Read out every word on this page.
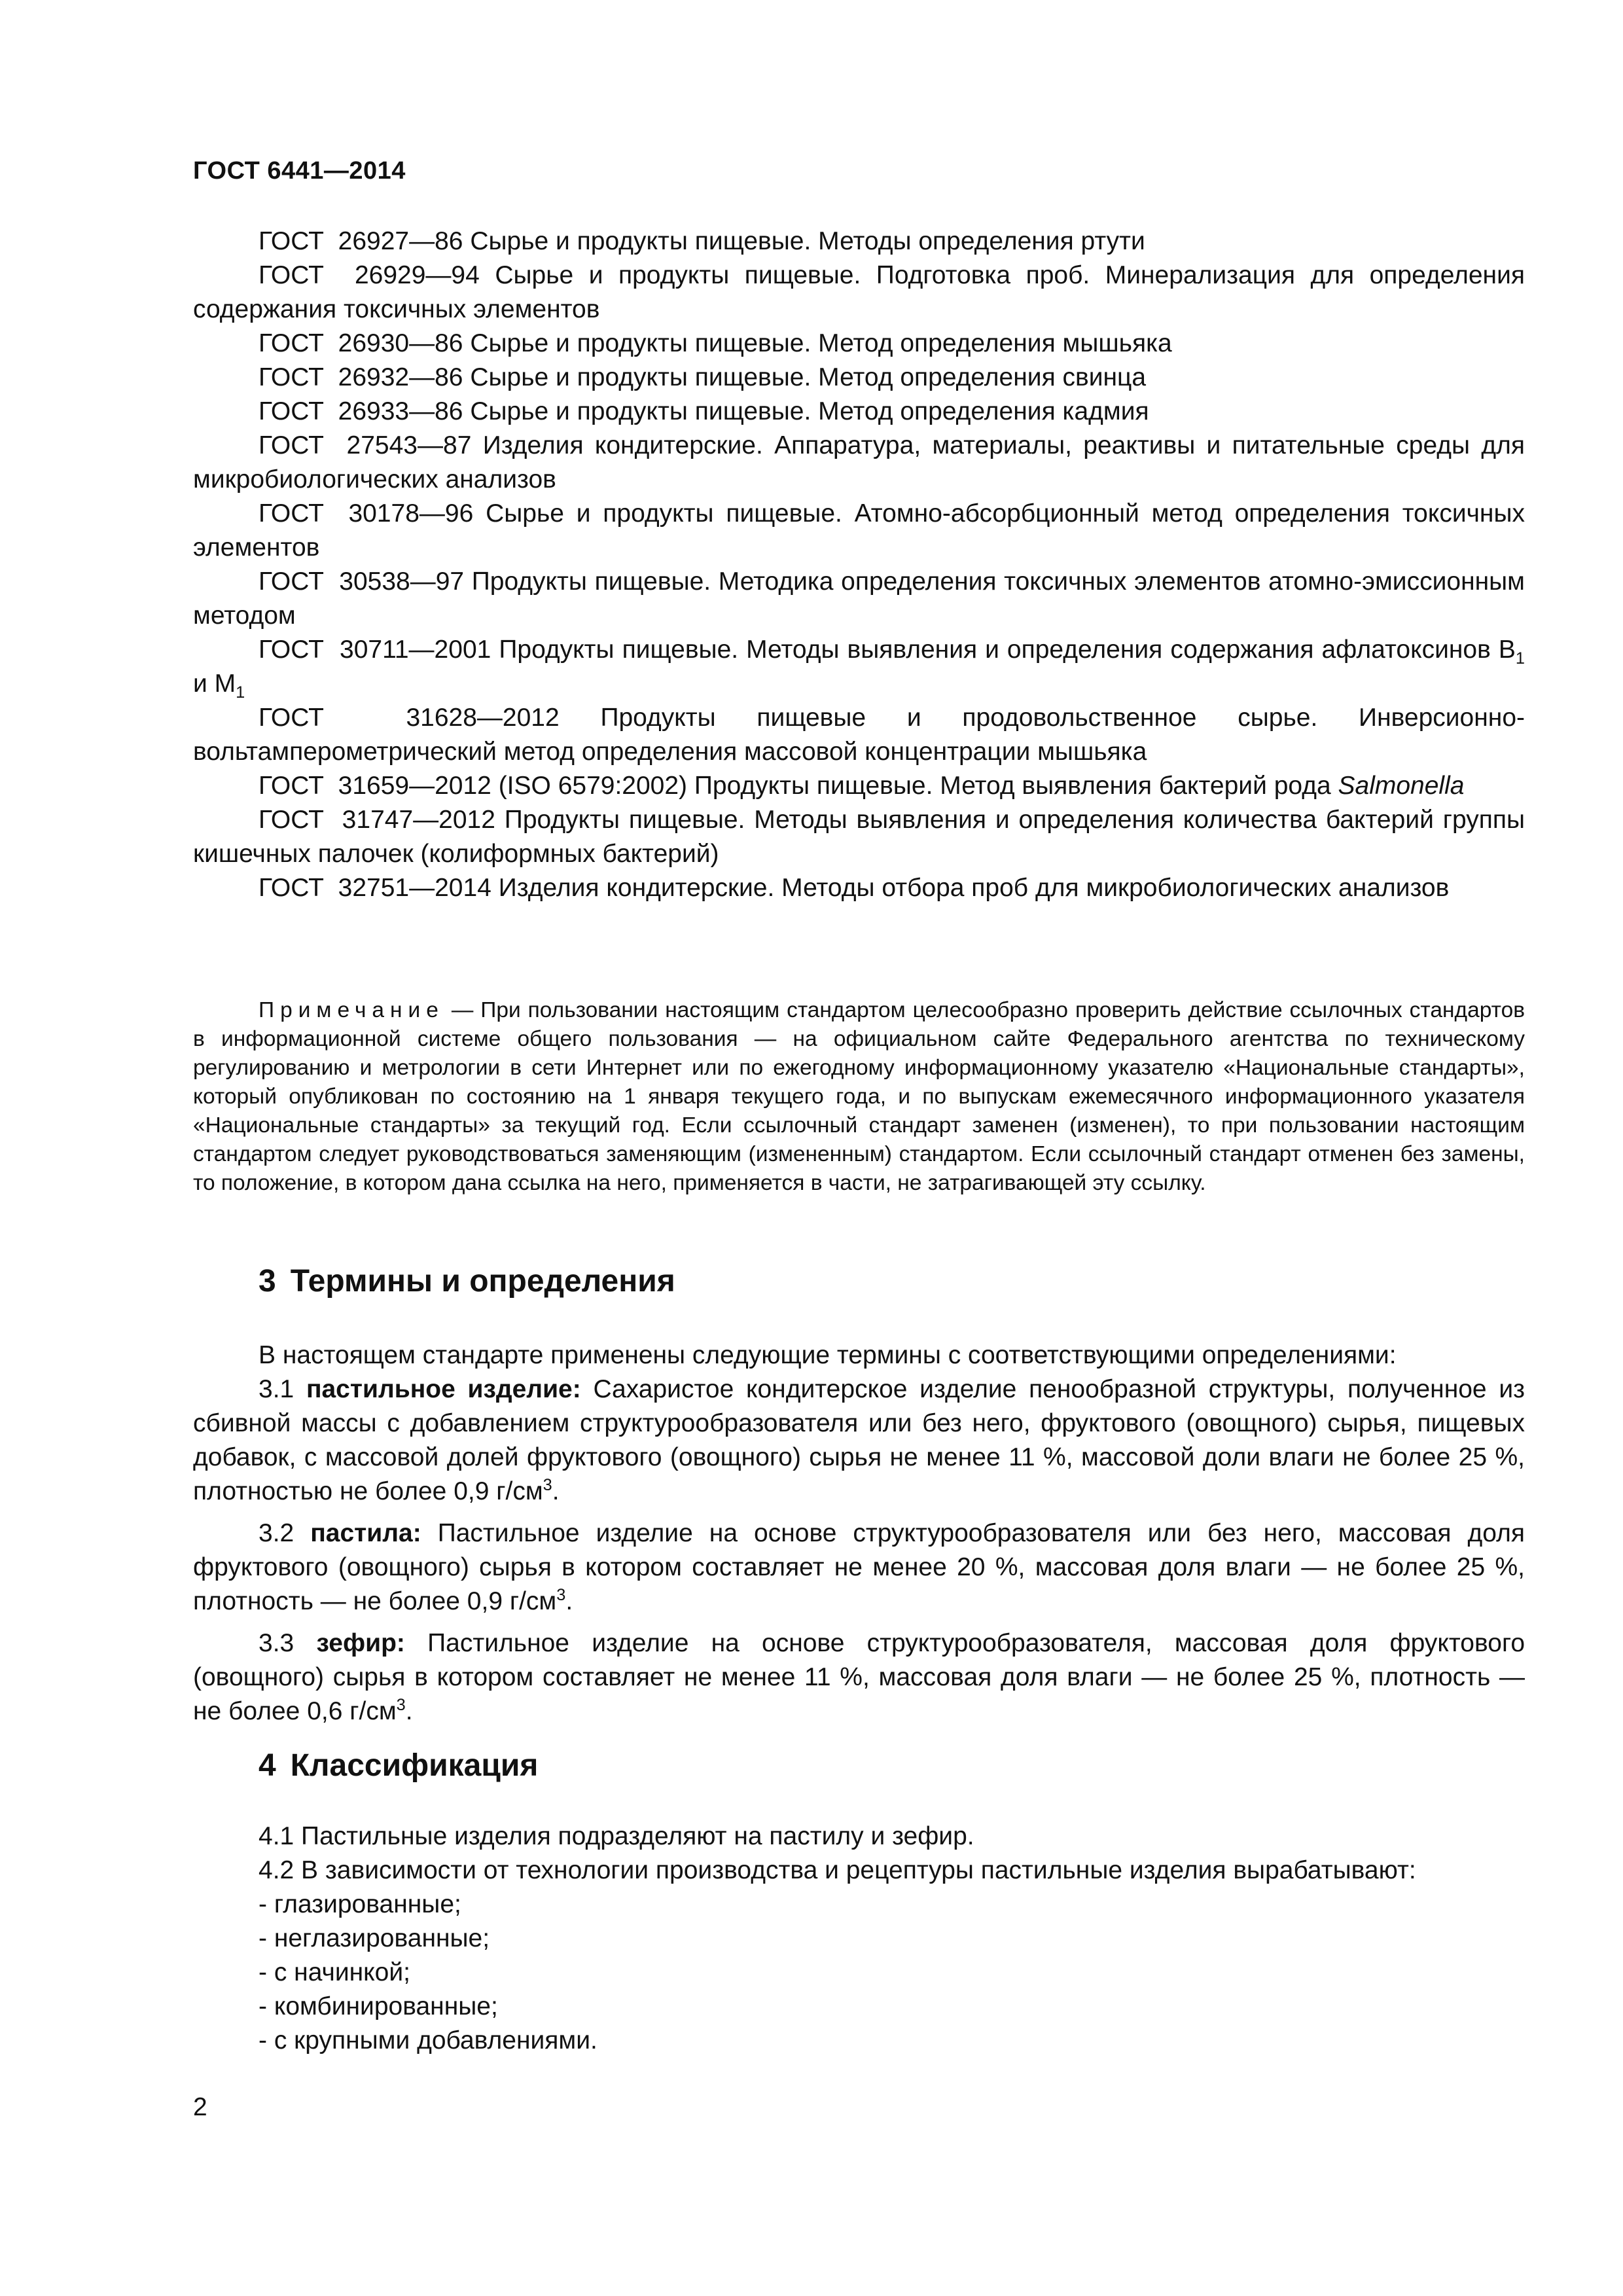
ГОСТ 6441—2014

ГОСТ  26927—86 Сырье и продукты пищевые. Методы определения ртути

ГОСТ  26929—94 Сырье и продукты пищевые. Подготовка проб. Минерализация для определения содержания токсичных элементов

ГОСТ  26930—86 Сырье и продукты пищевые. Метод определения мышьяка

ГОСТ  26932—86 Сырье и продукты пищевые. Метод определения свинца

ГОСТ  26933—86 Сырье и продукты пищевые. Метод определения кадмия

ГОСТ  27543—87 Изделия кондитерские. Аппаратура, материалы, реактивы и питательные среды для микробиологических анализов

ГОСТ  30178—96 Сырье и продукты пищевые. Атомно-абсорбционный метод определения токсичных элементов

ГОСТ  30538—97 Продукты пищевые. Методика определения токсичных элементов атомно-эмиссионным методом

ГОСТ  30711—2001 Продукты пищевые. Методы выявления и определения содержания афлатоксинов $B_1$ и $M_1$

ГОСТ  31628—2012 Продукты пищевые и продовольственное сырье. Инверсионно-вольтамперометрический метод определения массовой концентрации мышьяка

ГОСТ  31659—2012 (ISO 6579:2002) Продукты пищевые. Метод выявления бактерий рода Salmonella

ГОСТ  31747—2012 Продукты пищевые. Методы выявления и определения количества бактерий группы кишечных палочек (колиформных бактерий)

ГОСТ  32751—2014 Изделия кондитерские. Методы отбора проб для микробиологических анализов

Примечание — При пользовании настоящим стандартом целесообразно проверить действие ссылочных стандартов в информационной системе общего пользования — на официальном сайте Федерального агентства по техническому регулированию и метрологии в сети Интернет или по ежегодному информационному указателю «Национальные стандарты», который опубликован по состоянию на 1 января текущего года, и по выпускам ежемесячного информационного указателя «Национальные стандарты» за текущий год. Если ссылочный стандарт заменен (изменен), то при пользовании настоящим стандартом следует руководствоваться заменяющим (измененным) стандартом. Если ссылочный стандарт отменен без замены, то положение, в котором дана ссылка на него, применяется в части, не затрагивающей эту ссылку.
3 Термины и определения

В настоящем стандарте применены следующие термины с соответствующими определениями:

3.1 пастильное изделие: Сахаристое кондитерское изделие пенообразной структуры, полученное из сбивной массы с добавлением структурообразователя или без него, фруктового (овощного) сырья, пищевых добавок, с массовой долей фруктового (овощного) сырья не менее 11 %, массовой доли влаги не более 25 %, плотностью не более 0,9 $г/см^3$.

3.2 пастила: Пастильное изделие на основе структурообразователя или без него, массовая доля фруктового (овощного) сырья в котором составляет не менее 20 %, массовая доля влаги — не более 25 %, плотность — не более 0,9 $г/см^3$.

3.3 зефир: Пастильное изделие на основе структурообразователя, массовая доля фруктового (овощного) сырья в котором составляет не менее 11 %, массовая доля влаги — не более 25 %, плотность — не более 0,6 $г/см^3$.

4 Классификация

4.1 Пастильные изделия подразделяют на пастилу и зефир.

4.2 В зависимости от технологии производства и рецептуры пастильные изделия вырабатывают:

- глазированные;

- неглазированные;

- с начинкой;

- комбинированные;

- с крупными добавлениями.

2
